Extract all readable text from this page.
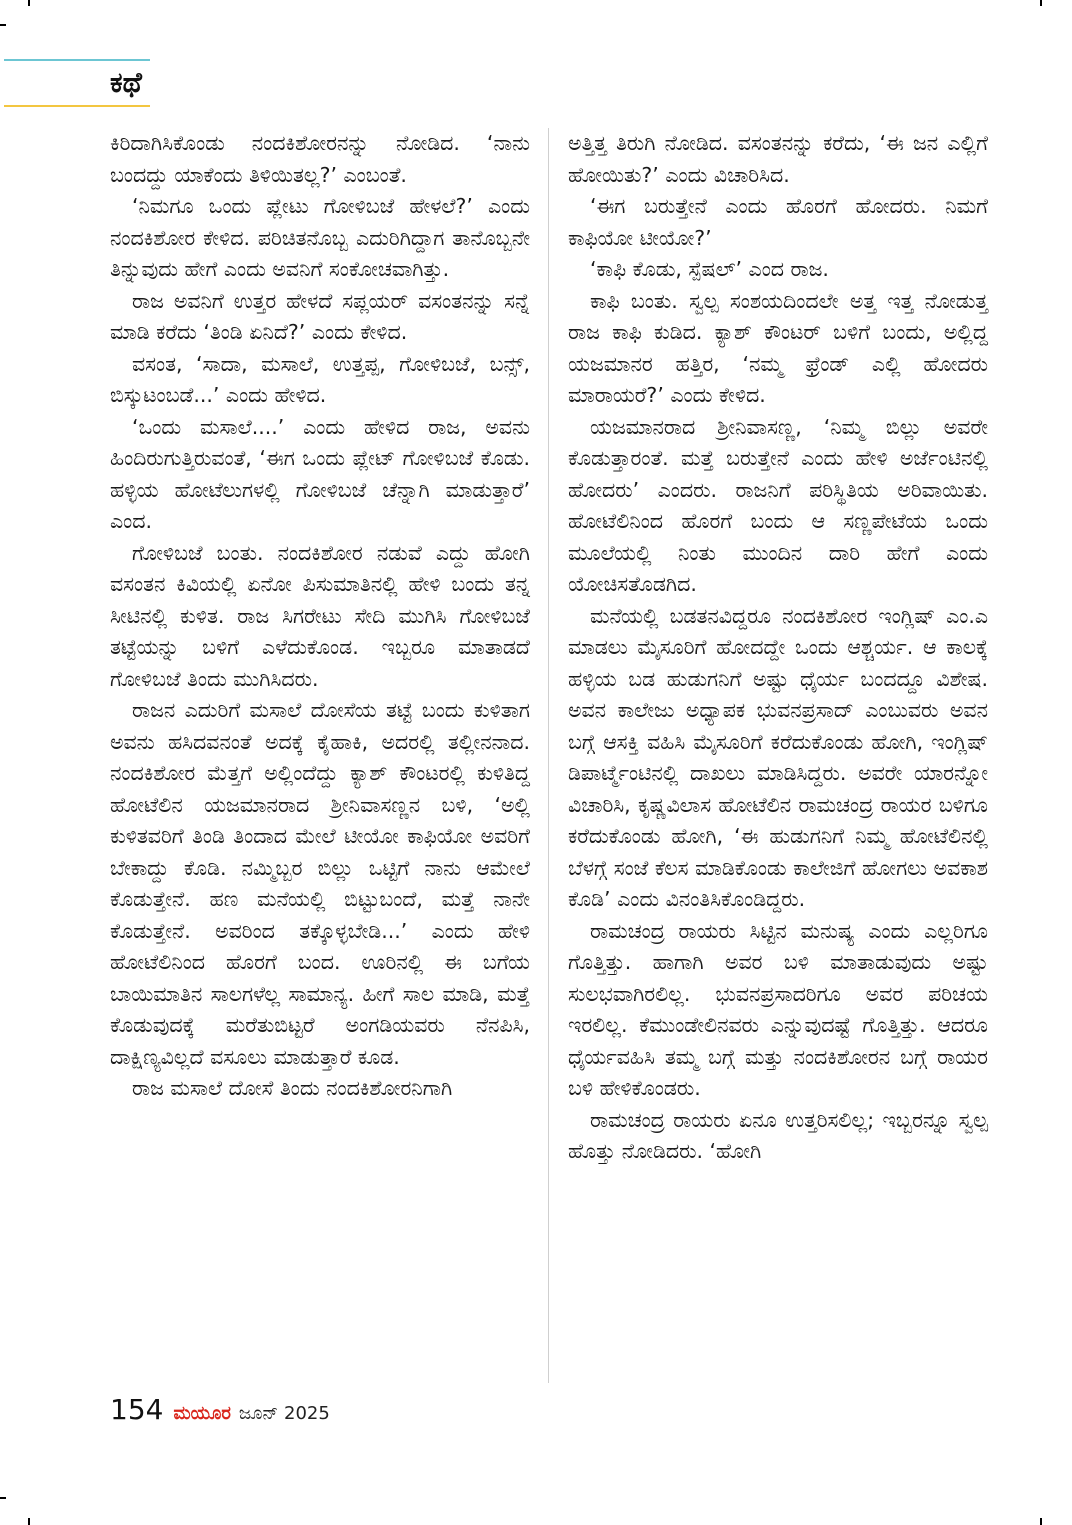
ಕಥೆ

ಕಿರಿದಾಗಿಸಿಕೊಂಡು ನಂದಕಿಶೋರನನ್ನು ನೋಡಿದ. ‘ನಾನು ಬಂದದ್ದು ಯಾಕೆಂದು ತಿಳಿಯಿತಲ್ಲ?’ ಎಂಬಂತೆ.

‘ನಿಮಗೂ ಒಂದು ಪ್ಲೇಟು ಗೋಳಿಬಜೆ ಹೇಳಲೆ?’ ಎಂದು ನಂದಕಿಶೋರ ಕೇಳಿದ. ಪರಿಚಿತನೊಬ್ಬ ಎದುರಿಗಿದ್ದಾಗ ತಾನೊಬ್ಬನೇ ತಿನ್ನುವುದು ಹೇಗೆ ಎಂದು ಅವನಿಗೆ ಸಂಕೋಚವಾಗಿತ್ತು.

ರಾಜ ಅವನಿಗೆ ಉತ್ತರ ಹೇಳದೆ ಸಪ್ಲಯರ್ ವಸಂತನನ್ನು ಸನ್ನೆ ಮಾಡಿ ಕರೆದು ‘ತಿಂಡಿ ಏನಿದೆ?’ ಎಂದು ಕೇಳಿದ.

ವಸಂತ, ‘ಸಾದಾ, ಮಸಾಲೆ, ಉತ್ತಪ್ಪ, ಗೋಳಿಬಜೆ, ಬನ್ಸ್, ಬಿಸ್ಕುಟಂಬಡೆ...’ ಎಂದು ಹೇಳಿದ.

‘ಒಂದು ಮಸಾಲೆ....’ ಎಂದು ಹೇಳಿದ ರಾಜ, ಅವನು ಹಿಂದಿರುಗುತ್ತಿರುವಂತೆ, ‘ಈಗ ಒಂದು ಪ್ಲೇಟ್ ಗೋಳಿಬಜೆ ಕೊಡು. ಹಳ್ಳಿಯ ಹೋಟೆಲುಗಳಲ್ಲಿ ಗೋಳಿಬಜೆ ಚೆನ್ನಾಗಿ ಮಾಡುತ್ತಾರೆ’ ಎಂದ.

ಗೋಳಿಬಜೆ ಬಂತು. ನಂದಕಿಶೋರ ನಡುವೆ ಎದ್ದು ಹೋಗಿ ವಸಂತನ ಕಿವಿಯಲ್ಲಿ ಏನೋ ಪಿಸುಮಾತಿನಲ್ಲಿ ಹೇಳಿ ಬಂದು ತನ್ನ ಸೀಟಿನಲ್ಲಿ ಕುಳಿತ. ರಾಜ ಸಿಗರೇಟು ಸೇದಿ ಮುಗಿಸಿ ಗೋಳಿಬಜೆ ತಟ್ಟೆಯನ್ನು ಬಳಿಗೆ ಎಳೆದುಕೊಂಡ. ಇಬ್ಬರೂ ಮಾತಾಡದೆ ಗೋಳಿಬಜೆ ತಿಂದು ಮುಗಿಸಿದರು.

ರಾಜನ ಎದುರಿಗೆ ಮಸಾಲೆ ದೋಸೆಯ ತಟ್ಟೆ ಬಂದು ಕುಳಿತಾಗ ಅವನು ಹಸಿದವನಂತೆ ಅದಕ್ಕೆ ಕೈಹಾಕಿ, ಅದರಲ್ಲಿ ತಲ್ಲೀನನಾದ. ನಂದಕಿಶೋರ ಮೆತ್ತಗೆ ಅಲ್ಲಿಂದೆದ್ದು ಕ್ಯಾಶ್ ಕೌಂಟರಲ್ಲಿ ಕುಳಿತಿದ್ದ ಹೋಟೆಲಿನ ಯಜಮಾನರಾದ ಶ್ರೀನಿವಾಸಣ್ಣನ ಬಳಿ, ‘ಅಲ್ಲಿ ಕುಳಿತವರಿಗೆ ತಿಂಡಿ ತಿಂದಾದ ಮೇಲೆ ಟೀಯೋ ಕಾಫಿಯೋ ಅವರಿಗೆ ಬೇಕಾದ್ದು ಕೊಡಿ. ನಮ್ಮಿಬ್ಬರ ಬಿಲ್ಲು ಒಟ್ಟಿಗೆ ನಾನು ಆಮೇಲೆ ಕೊಡುತ್ತೇನೆ. ಹಣ ಮನೆಯಲ್ಲಿ ಬಿಟ್ಟುಬಂದೆ, ಮತ್ತೆ ನಾನೇ ಕೊಡುತ್ತೇನೆ. ಅವರಿಂದ ತಕ್ಕೊಳ್ಳಬೇಡಿ...’ ಎಂದು ಹೇಳಿ ಹೋಟೆಲಿನಿಂದ ಹೊರಗೆ ಬಂದ. ಊರಿನಲ್ಲಿ ಈ ಬಗೆಯ ಬಾಯಿಮಾತಿನ ಸಾಲಗಳೆಲ್ಲ ಸಾಮಾನ್ಯ. ಹೀಗೆ ಸಾಲ ಮಾಡಿ, ಮತ್ತೆ ಕೊಡುವುದಕ್ಕೆ ಮರೆತುಬಿಟ್ಟರೆ ಅಂಗಡಿಯವರು ನೆನಪಿಸಿ, ದಾಕ್ಷಿಣ್ಯವಿಲ್ಲದೆ ವಸೂಲು ಮಾಡುತ್ತಾರೆ ಕೂಡ.

ರಾಜ ಮಸಾಲೆ ದೋಸೆ ತಿಂದು ನಂದಕಿಶೋರನಿಗಾಗಿ

ಅತ್ತಿತ್ತ ತಿರುಗಿ ನೋಡಿದ. ವಸಂತನನ್ನು ಕರೆದು, ‘ಈ ಜನ ಎಲ್ಲಿಗೆ ಹೋಯಿತು?’ ಎಂದು ವಿಚಾರಿಸಿದ.

‘ಈಗ ಬರುತ್ತೇನೆ ಎಂದು ಹೊರಗೆ ಹೋದರು. ನಿಮಗೆ ಕಾಫಿಯೋ ಟೀಯೋ?’

‘ಕಾಫಿ ಕೊಡು, ಸ್ಪೆಷಲ್’ ಎಂದ ರಾಜ.

ಕಾಫಿ ಬಂತು. ಸ್ವಲ್ಪ ಸಂಶಯದಿಂದಲೇ ಅತ್ತ ಇತ್ತ ನೋಡುತ್ತ ರಾಜ ಕಾಫಿ ಕುಡಿದ. ಕ್ಯಾಶ್ ಕೌಂಟರ್ ಬಳಿಗೆ ಬಂದು, ಅಲ್ಲಿದ್ದ ಯಜಮಾನರ ಹತ್ತಿರ, ‘ನಮ್ಮ ಫ್ರೆಂಡ್ ಎಲ್ಲಿ ಹೋದರು ಮಾರಾಯರೆ?’ ಎಂದು ಕೇಳಿದ.

ಯಜಮಾನರಾದ ಶ್ರೀನಿವಾಸಣ್ಣ, ‘ನಿಮ್ಮ ಬಿಲ್ಲು ಅವರೇ ಕೊಡುತ್ತಾರಂತೆ. ಮತ್ತೆ ಬರುತ್ತೇನೆ ಎಂದು ಹೇಳಿ ಅರ್ಜೆಂಟಿನಲ್ಲಿ ಹೋದರು’ ಎಂದರು. ರಾಜನಿಗೆ ಪರಿಸ್ಥಿತಿಯ ಅರಿವಾಯಿತು. ಹೋಟೆಲಿನಿಂದ ಹೊರಗೆ ಬಂದು ಆ ಸಣ್ಣಪೇಟೆಯ ಒಂದು ಮೂಲೆಯಲ್ಲಿ ನಿಂತು ಮುಂದಿನ ದಾರಿ ಹೇಗೆ ಎಂದು ಯೋಚಿಸತೊಡಗಿದ.

ಮನೆಯಲ್ಲಿ ಬಡತನವಿದ್ದರೂ ನಂದಕಿಶೋರ ಇಂಗ್ಲಿಷ್ ಎಂ.ಎ ಮಾಡಲು ಮೈಸೂರಿಗೆ ಹೋದದ್ದೇ ಒಂದು ಆಶ್ಚರ್ಯ. ಆ ಕಾಲಕ್ಕೆ ಹಳ್ಳಿಯ ಬಡ ಹುಡುಗನಿಗೆ ಅಷ್ಟು ಧೈರ್ಯ ಬಂದದ್ದೂ ವಿಶೇಷ. ಅವನ ಕಾಲೇಜು ಅಧ್ಯಾಪಕ ಭುವನಪ್ರಸಾದ್ ಎಂಬುವರು ಅವನ ಬಗ್ಗೆ ಆಸಕ್ತಿ ವಹಿಸಿ ಮೈಸೂರಿಗೆ ಕರೆದುಕೊಂಡು ಹೋಗಿ, ಇಂಗ್ಲಿಷ್ ಡಿಪಾರ್ಟ್ಮೆಂಟಿನಲ್ಲಿ ದಾಖಲು ಮಾಡಿಸಿದ್ದರು. ಅವರೇ ಯಾರನ್ನೋ ವಿಚಾರಿಸಿ, ಕೃಷ್ಣವಿಲಾಸ ಹೋಟೆಲಿನ ರಾಮಚಂದ್ರ ರಾಯರ ಬಳಿಗೂ ಕರೆದುಕೊಂಡು ಹೋಗಿ, ‘ಈ ಹುಡುಗನಿಗೆ ನಿಮ್ಮ ಹೋಟೆಲಿನಲ್ಲಿ ಬೆಳಗ್ಗೆ ಸಂಜೆ ಕೆಲಸ ಮಾಡಿಕೊಂಡು ಕಾಲೇಜಿಗೆ ಹೋಗಲು ಅವಕಾಶ ಕೊಡಿ’ ಎಂದು ವಿನಂತಿಸಿಕೊಂಡಿದ್ದರು.

ರಾಮಚಂದ್ರ ರಾಯರು ಸಿಟ್ಟಿನ ಮನುಷ್ಯ ಎಂದು ಎಲ್ಲರಿಗೂ ಗೊತ್ತಿತ್ತು. ಹಾಗಾಗಿ ಅವರ ಬಳಿ ಮಾತಾಡುವುದು ಅಷ್ಟು ಸುಲಭವಾಗಿರಲಿಲ್ಲ. ಭುವನಪ್ರಸಾದರಿಗೂ ಅವರ ಪರಿಚಯ ಇರಲಿಲ್ಲ. ಕೆಮುಂಡೇಲಿನವರು ಎನ್ನುವುದಷ್ಟೆ ಗೊತ್ತಿತ್ತು. ಆದರೂ ಧೈರ್ಯವಹಿಸಿ ತಮ್ಮ ಬಗ್ಗೆ ಮತ್ತು ನಂದಕಿಶೋರನ ಬಗ್ಗೆ ರಾಯರ ಬಳಿ ಹೇಳಿಕೊಂಡರು.

ರಾಮಚಂದ್ರ ರಾಯರು ಏನೂ ಉತ್ತರಿಸಲಿಲ್ಲ; ಇಬ್ಬರನ್ನೂ ಸ್ವಲ್ಪ ಹೊತ್ತು ನೋಡಿದರು. ‘ಹೋಗಿ

154 ಮಯೂರ ಜೂನ್ 2025
